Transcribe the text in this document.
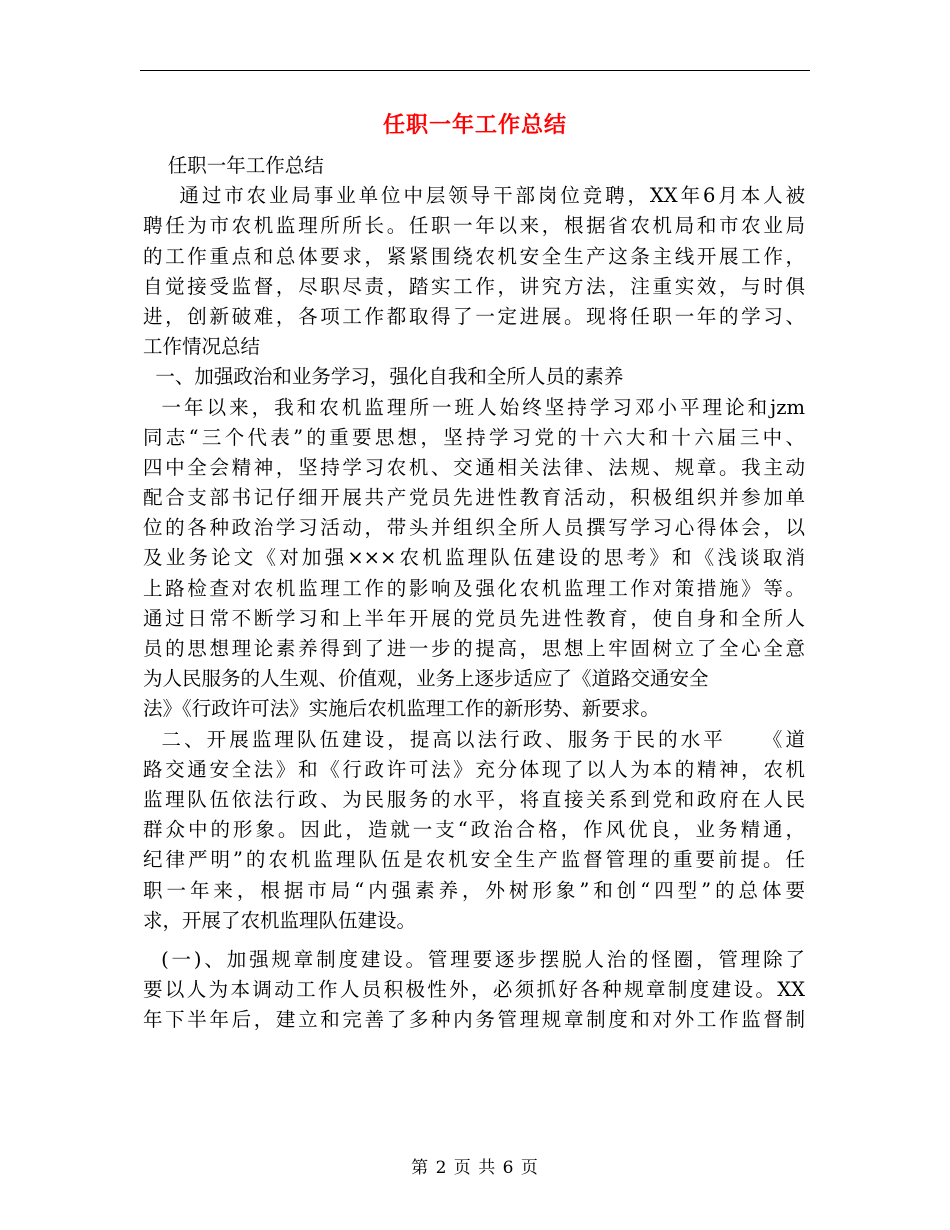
任职一年工作总结
任职一年工作总结
通过市农业局事业单位中层领导干部岗位竞聘，XX年6月本人被
聘任为市农机监理所所长。任职一年以来，根据省农机局和市农业局
的工作重点和总体要求，紧紧围绕农机安全生产这条主线开展工作，
自觉接受监督，尽职尽责，踏实工作，讲究方法，注重实效，与时俱
进，创新破难，各项工作都取得了一定进展。现将任职一年的学习、
工作情况总结
一、加强政治和业务学习，强化自我和全所人员的素养
一年以来，我和农机监理所一班人始终坚持学习邓小平理论和jzm
同志“三个代表”的重要思想，坚持学习党的十六大和十六届三中、
四中全会精神，坚持学习农机、交通相关法律、法规、规章。我主动
配合支部书记仔细开展共产党员先进性教育活动，积极组织并参加单
位的各种政治学习活动，带头并组织全所人员撰写学习心得体会，以
及业务论文《对加强×××农机监理队伍建设的思考》和《浅谈取消
上路检查对农机监理工作的影响及强化农机监理工作对策措施》等。
通过日常不断学习和上半年开展的党员先进性教育，使自身和全所人
员的思想理论素养得到了进一步的提高，思想上牢固树立了全心全意
为人民服务的人生观、价值观，业务上逐步适应了《道路交通安全
法》《行政许可法》实施后农机监理工作的新形势、新要求。
二、开展监理队伍建设，提高以法行政、服务于民的水平    《道
路交通安全法》和《行政许可法》充分体现了以人为本的精神，农机
监理队伍依法行政、为民服务的水平，将直接关系到党和政府在人民
群众中的形象。因此，造就一支“政治合格，作风优良，业务精通，
纪律严明”的农机监理队伍是农机安全生产监督管理的重要前提。任
职一年来，根据市局“内强素养，外树形象”和创“四型”的总体要
求，开展了农机监理队伍建设。
(一)、加强规章制度建设。管理要逐步摆脱人治的怪圈，管理除了
要以人为本调动工作人员积极性外，必须抓好各种规章制度建设。XX
年下半年后，建立和完善了多种内务管理规章制度和对外工作监督制
第 2 页 共 6 页
